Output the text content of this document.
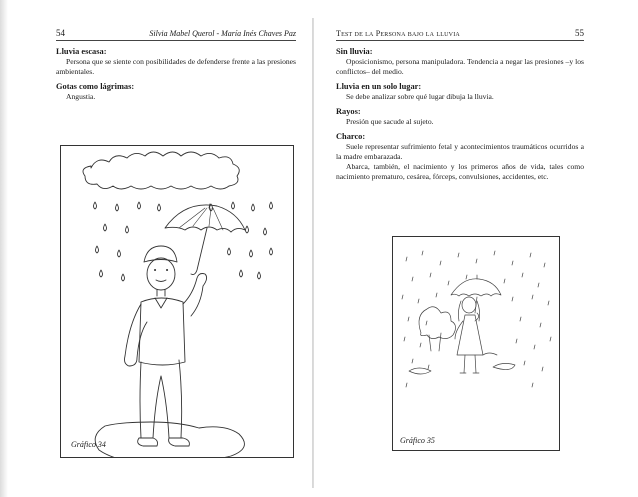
54	Silvia Mabel Querol - María Inés Chaves Paz

Lluvia escasa:

Persona que se siente con posibilidades de defenderse frente a las presiones ambientales.

Gotas como lágrimas:

Angustia.

Gráfico 34
Test de la Persona bajo la lluvia	55

Sin lluvia:

Oposicionismo, persona manipuladora. Tendencia a negar las presiones –y los conflictos– del medio.

Lluvia en un solo lugar:

Se debe analizar sobre qué lugar dibuja la lluvia.

Rayos:

Presión que sacude al sujeto.

Charco:

Suele representar sufrimiento fetal y acontecimientos traumáticos ocurridos a la madre embarazada.

Abarca, también, el nacimiento y los primeros años de vida, tales como nacimiento prematuro, cesárea, fórceps, convulsiones, accidentes, etc.

Gráfico 35
